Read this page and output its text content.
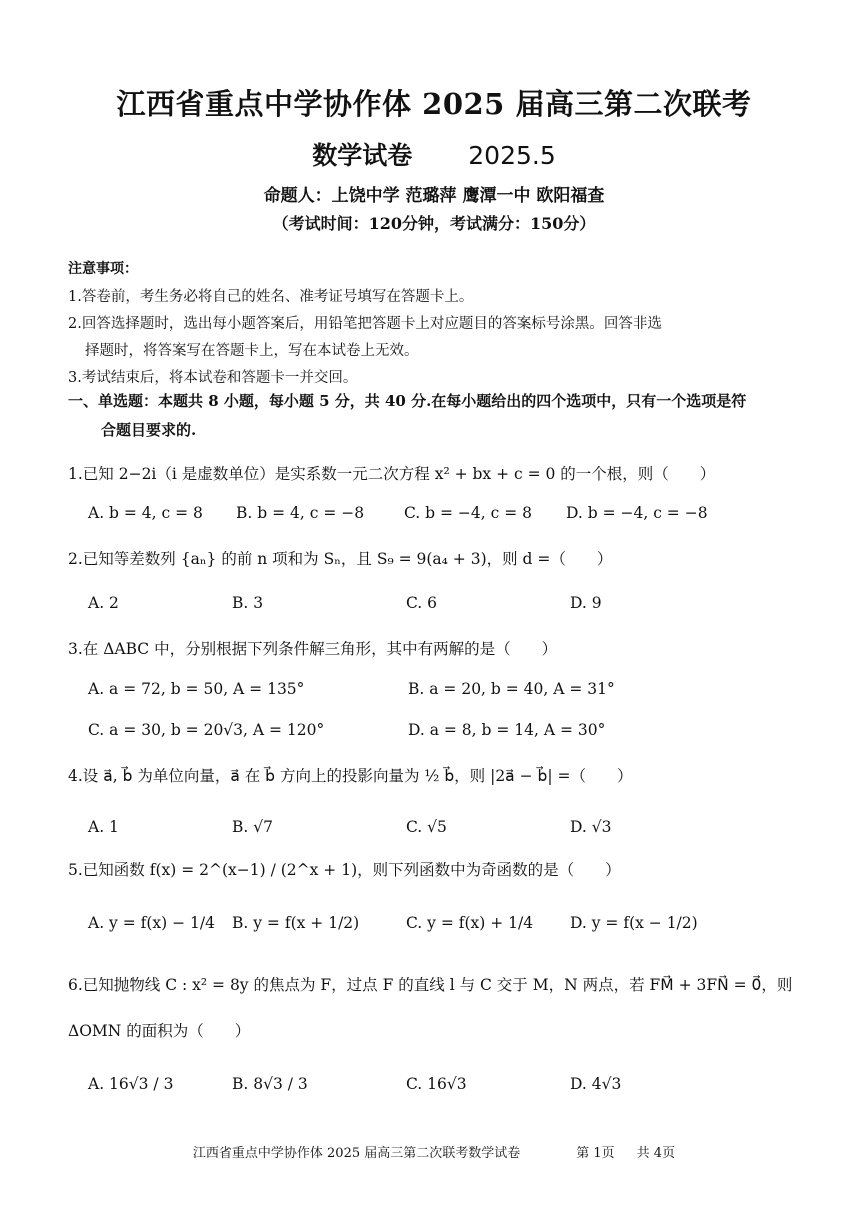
江西省重点中学协作体 2025 届高三第二次联考
数学试卷 2025.5
命题人：上饶中学 范璐萍 鹰潭一中 欧阳福查
（考试时间：120分钟，考试满分：150分）
注意事项：
1.答卷前，考生务必将自己的姓名、准考证号填写在答题卡上。
2.回答选择题时，选出每小题答案后，用铅笔把答题卡上对应题目的答案标号涂黑。回答非选
择题时，将答案写在答题卡上，写在本试卷上无效。
3.考试结束后，将本试卷和答题卡一并交回。
一、单选题：本题共 8 小题，每小题 5 分，共 40 分.在每小题给出的四个选项中，只有一个选项是符
合题目要求的.
1.已知 2−2i（i 是虚数单位）是实系数一元二次方程 x² + bx + c = 0 的一个根，则（　　）
A. b = 4, c = 8 B. b = 4, c = −8	C. b = −4, c = 8 D. b = −4, c = −8
2.已知等差数列 {aₙ} 的前 n 项和为 Sₙ，且 S₉ = 9(a₄ + 3)，则 d =（　　）
A. 2	B. 3	C. 6	D. 9
3.在 ΔABC 中，分别根据下列条件解三角形，其中有两解的是（　　）
A. a = 72, b = 50, A = 135°	B. a = 20, b = 40, A = 31°
C. a = 30, b = 20√3, A = 120°	D. a = 8, b = 14, A = 30°
4.设 a⃗, b⃗ 为单位向量，a⃗ 在 b⃗ 方向上的投影向量为 ½ b⃗，则 |2a⃗ − b⃗| =（　　）
A. 1	B. √7	C. √5	D. √3
5.已知函数 f(x) = 2^(x−1) / (2^x + 1)，则下列函数中为奇函数的是（　　）
A. y = f(x) − 1/4 B. y = f(x + 1/2)	C. y = f(x) + 1/4 D. y = f(x − 1/2)
6.已知抛物线 C : x² = 8y 的焦点为 F，过点 F 的直线 l 与 C 交于 M，N 两点，若 FM⃗ + 3FN⃗ = 0⃗，则
ΔOMN 的面积为（　　）
A. 16√3 / 3	B. 8√3 / 3	C. 16√3	D. 4√3
江西省重点中学协作体 2025 届高三第二次联考数学试卷	第 1页 共 4页
